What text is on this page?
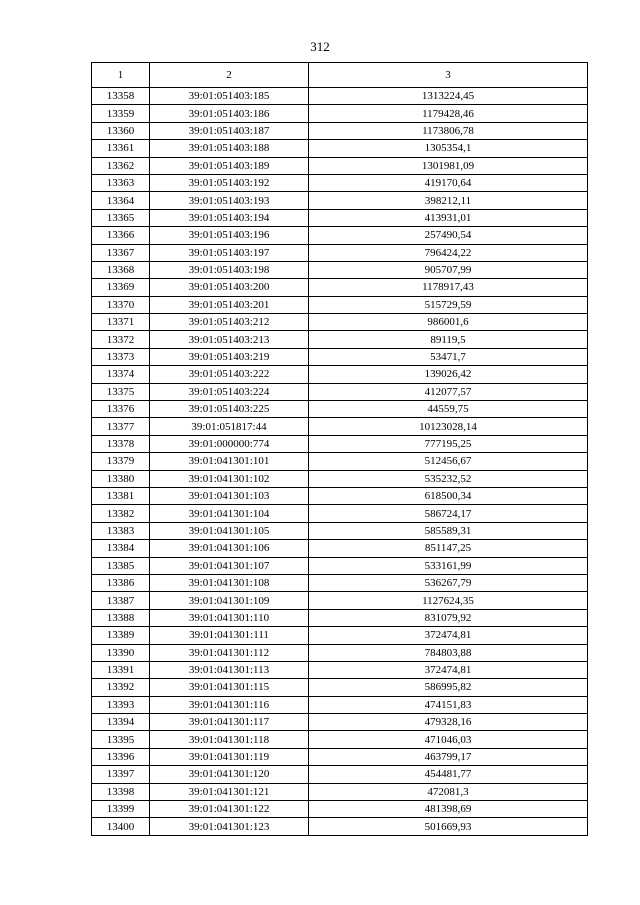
312
1	2	3
13358	39:01:051403:185	1313224,45
13359	39:01:051403:186	1179428,46
13360	39:01:051403:187	1173806,78
13361	39:01:051403:188	1305354,1
13362	39:01:051403:189	1301981,09
13363	39:01:051403:192	419170,64
13364	39:01:051403:193	398212,11
13365	39:01:051403:194	413931,01
13366	39:01:051403:196	257490,54
13367	39:01:051403:197	796424,22
13368	39:01:051403:198	905707,99
13369	39:01:051403:200	1178917,43
13370	39:01:051403:201	515729,59
13371	39:01:051403:212	986001,6
13372	39:01:051403:213	89119,5
13373	39:01:051403:219	53471,7
13374	39:01:051403:222	139026,42
13375	39:01:051403:224	412077,57
13376	39:01:051403:225	44559,75
13377	39:01:051817:44	10123028,14
13378	39:01:000000:774	777195,25
13379	39:01:041301:101	512456,67
13380	39:01:041301:102	535232,52
13381	39:01:041301:103	618500,34
13382	39:01:041301:104	586724,17
13383	39:01:041301:105	585589,31
13384	39:01:041301:106	851147,25
13385	39:01:041301:107	533161,99
13386	39:01:041301:108	536267,79
13387	39:01:041301:109	1127624,35
13388	39:01:041301:110	831079,92
13389	39:01:041301:111	372474,81
13390	39:01:041301:112	784803,88
13391	39:01:041301:113	372474,81
13392	39:01:041301:115	586995,82
13393	39:01:041301:116	474151,83
13394	39:01:041301:117	479328,16
13395	39:01:041301:118	471046,03
13396	39:01:041301:119	463799,17
13397	39:01:041301:120	454481,77
13398	39:01:041301:121	472081,3
13399	39:01:041301:122	481398,69
13400	39:01:041301:123	501669,93
